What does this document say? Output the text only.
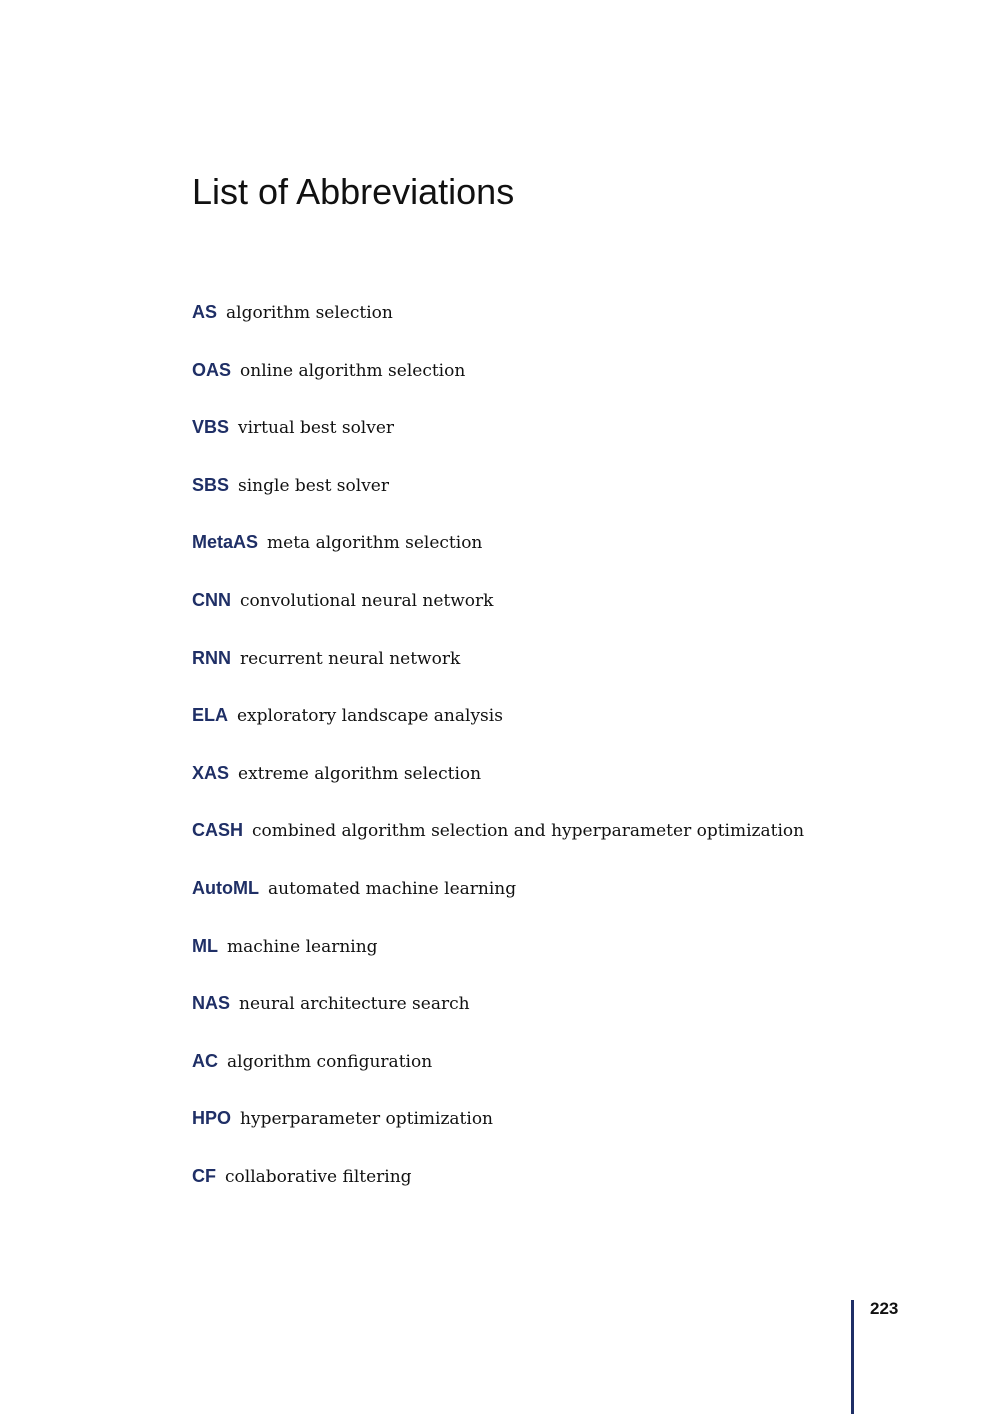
List of Abbreviations
AS algorithm selection
OAS online algorithm selection
VBS virtual best solver
SBS single best solver
MetaAS meta algorithm selection
CNN convolutional neural network
RNN recurrent neural network
ELA exploratory landscape analysis
XAS extreme algorithm selection
CASH combined algorithm selection and hyperparameter optimization
AutoML automated machine learning
ML machine learning
NAS neural architecture search
AC algorithm configuration
HPO hyperparameter optimization
CF collaborative filtering
223
